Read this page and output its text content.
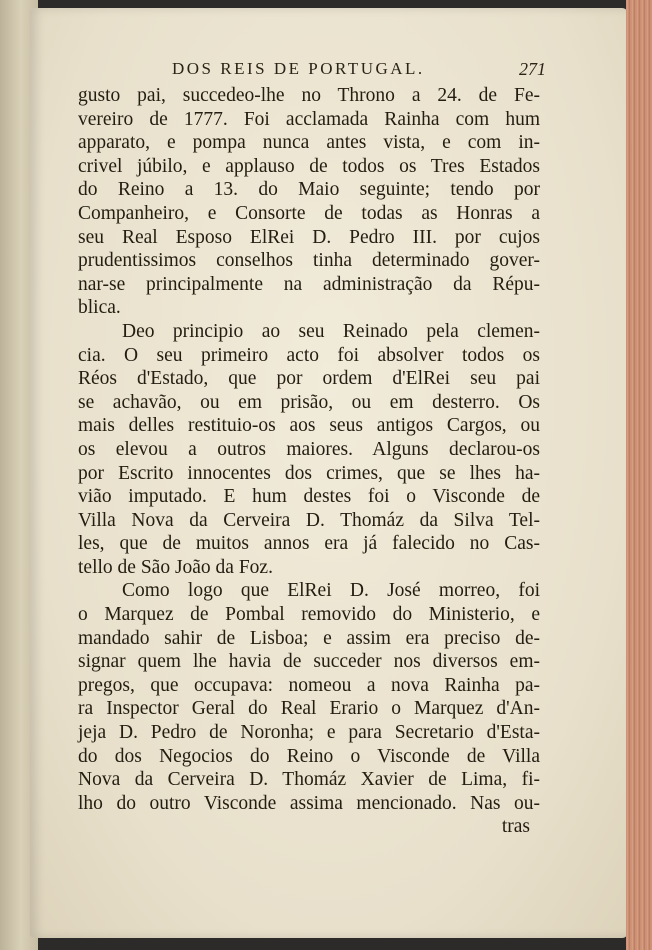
DOS REIS DE PORTUGAL.	271
gusto pai, succedeo-lhe no Throno a 24. de Fe-
vereiro de 1777. Foi acclamada Rainha com hum
apparato, e pompa nunca antes vista, e com in-
crivel júbilo, e applauso de todos os Tres Estados
do Reino a 13. do Maio seguinte; tendo por
Companheiro, e Consorte de todas as Honras a
seu Real Esposo ElRei D. Pedro III. por cujos
prudentissimos conselhos tinha determinado gover-
nar-se principalmente na administração da Répu-
blica.
Deo principio ao seu Reinado pela clemen-
cia. O seu primeiro acto foi absolver todos os
Réos d'Estado, que por ordem d'ElRei seu pai
se achavão, ou em prisão, ou em desterro. Os
mais delles restituio-os aos seus antigos Cargos, ou
os elevou a outros maiores. Alguns declarou-os
por Escrito innocentes dos crimes, que se lhes ha-
vião imputado. E hum destes foi o Visconde de
Villa Nova da Cerveira D. Thomáz da Silva Tel-
les, que de muitos annos era já falecido no Cas-
tello de São João da Foz.
Como logo que ElRei D. José morreo, foi
o Marquez de Pombal removido do Ministerio, e
mandado sahir de Lisboa; e assim era preciso de-
signar quem lhe havia de succeder nos diversos em-
pregos, que occupava: nomeou a nova Rainha pa-
ra Inspector Geral do Real Erario o Marquez d'An-
jeja D. Pedro de Noronha; e para Secretario d'Esta-
do dos Negocios do Reino o Visconde de Villa
Nova da Cerveira D. Thomáz Xavier de Lima, fi-
lho do outro Visconde assima mencionado. Nas ou-
tras
